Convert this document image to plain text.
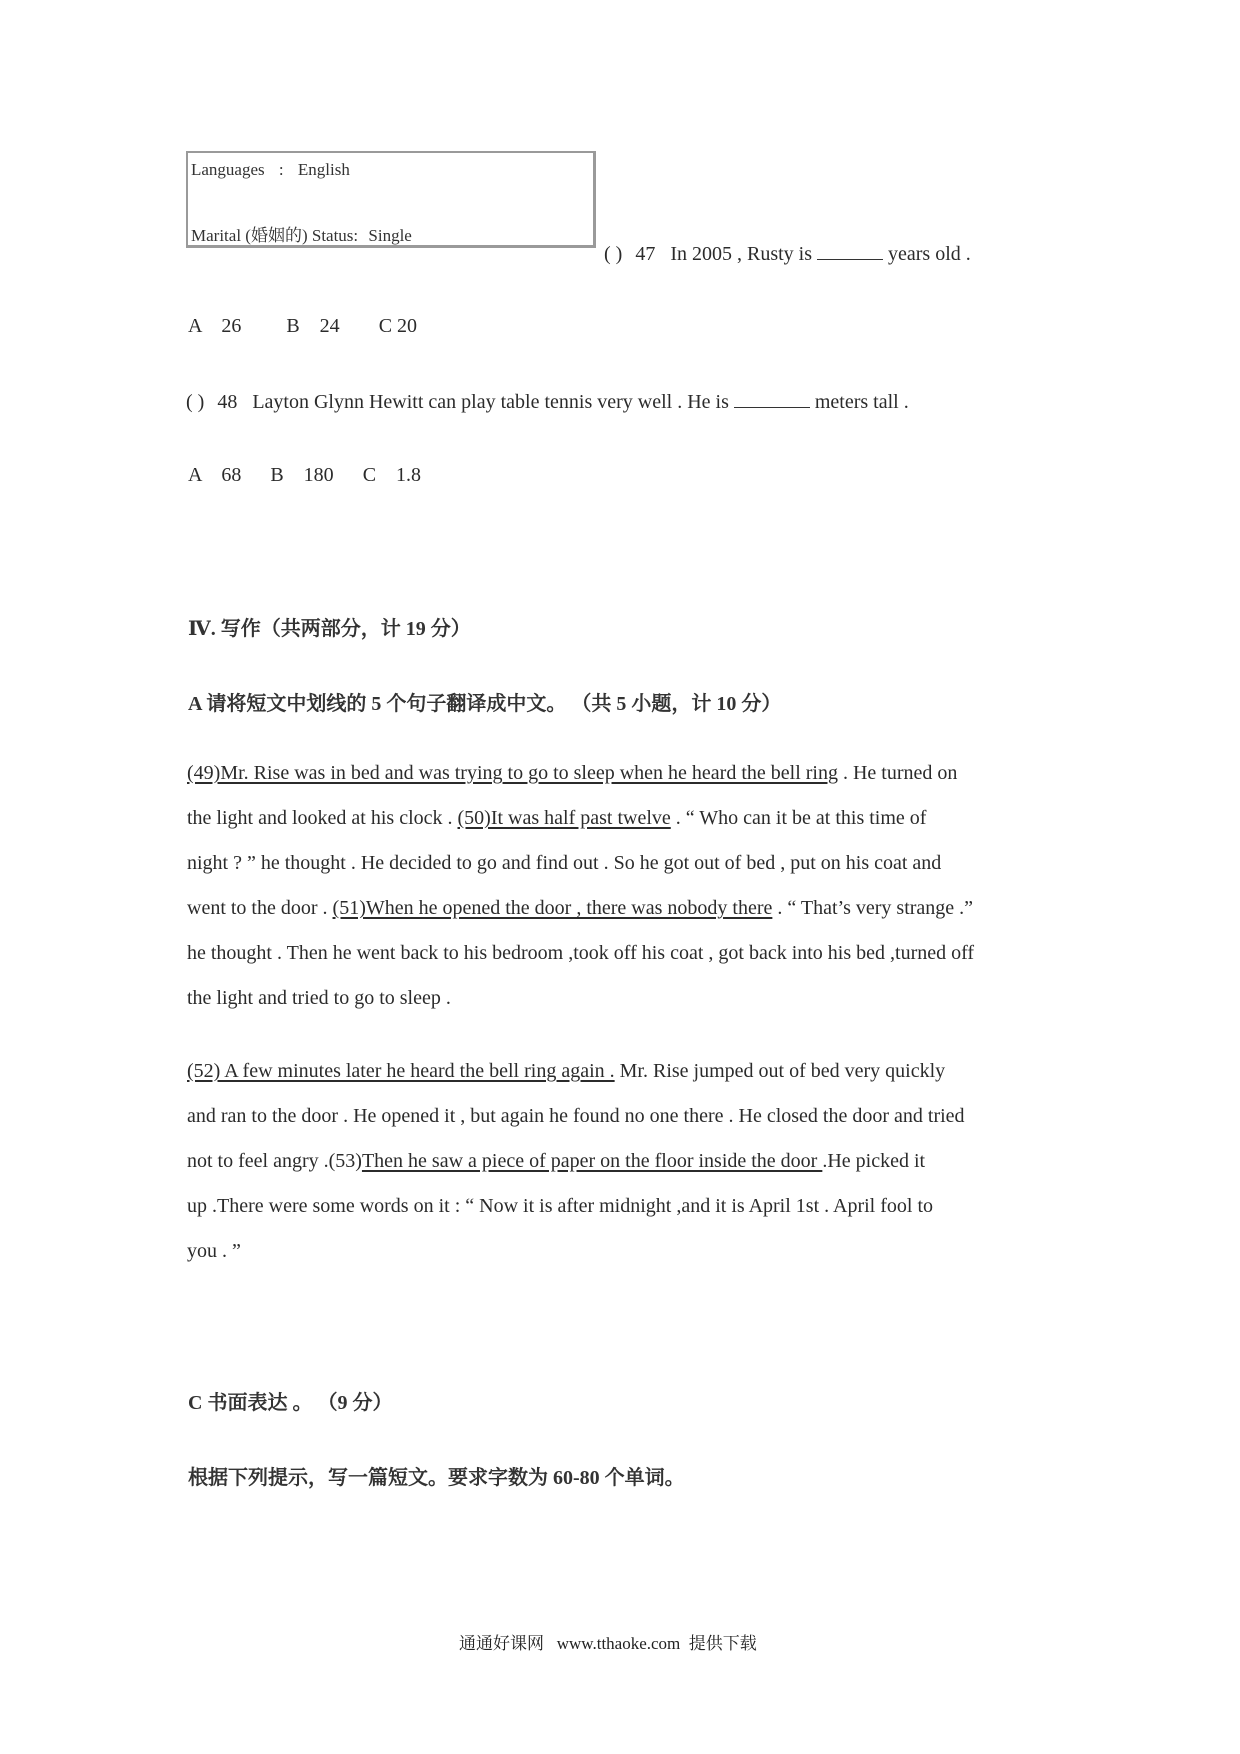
Languages : English
Marital (婚姻的) Status: Single
( ) 47 In 2005 , Rusty is	years old .
A    26 B    24 C 20
( ) 48 Layton Glynn Hewitt can play table tennis very well . He is	meters tall .
A    68 B    180 C    1.8
Ⅳ. 写作（共两部分，计 19 分）
A 请将短文中划线的 5 个句子翻译成中文。 （共 5 小题，计 10 分）
(49)Mr. Rise was in bed and was trying to go to sleep when he heard the bell ring . He turned on
the light and looked at his clock . (50)It was half past twelve . “ Who can it be at this time of
night ? ” he thought . He decided to go and find out . So he got out of bed , put on his coat and
went to the door . (51)When he opened the door , there was nobody there . “ That’s very strange .”
he thought . Then he went back to his bedroom ,took off his coat , got back into his bed ,turned off
the light and tried to go to sleep .
(52) A few minutes later he heard the bell ring again . Mr. Rise jumped out of bed very quickly
and ran to the door . He opened it , but again he found no one there . He closed the door and tried
not to feel angry .(53)Then he saw a piece of paper on the floor inside the door .He picked it
up .There were some words on it : “ Now it is after midnight ,and it is April 1st . April fool to
you . ”
C 书面表达 。 （9 分）
根据下列提示，写一篇短文。要求字数为 60-80 个单词。
通通好课网   www.tthaoke.com  提供下载
